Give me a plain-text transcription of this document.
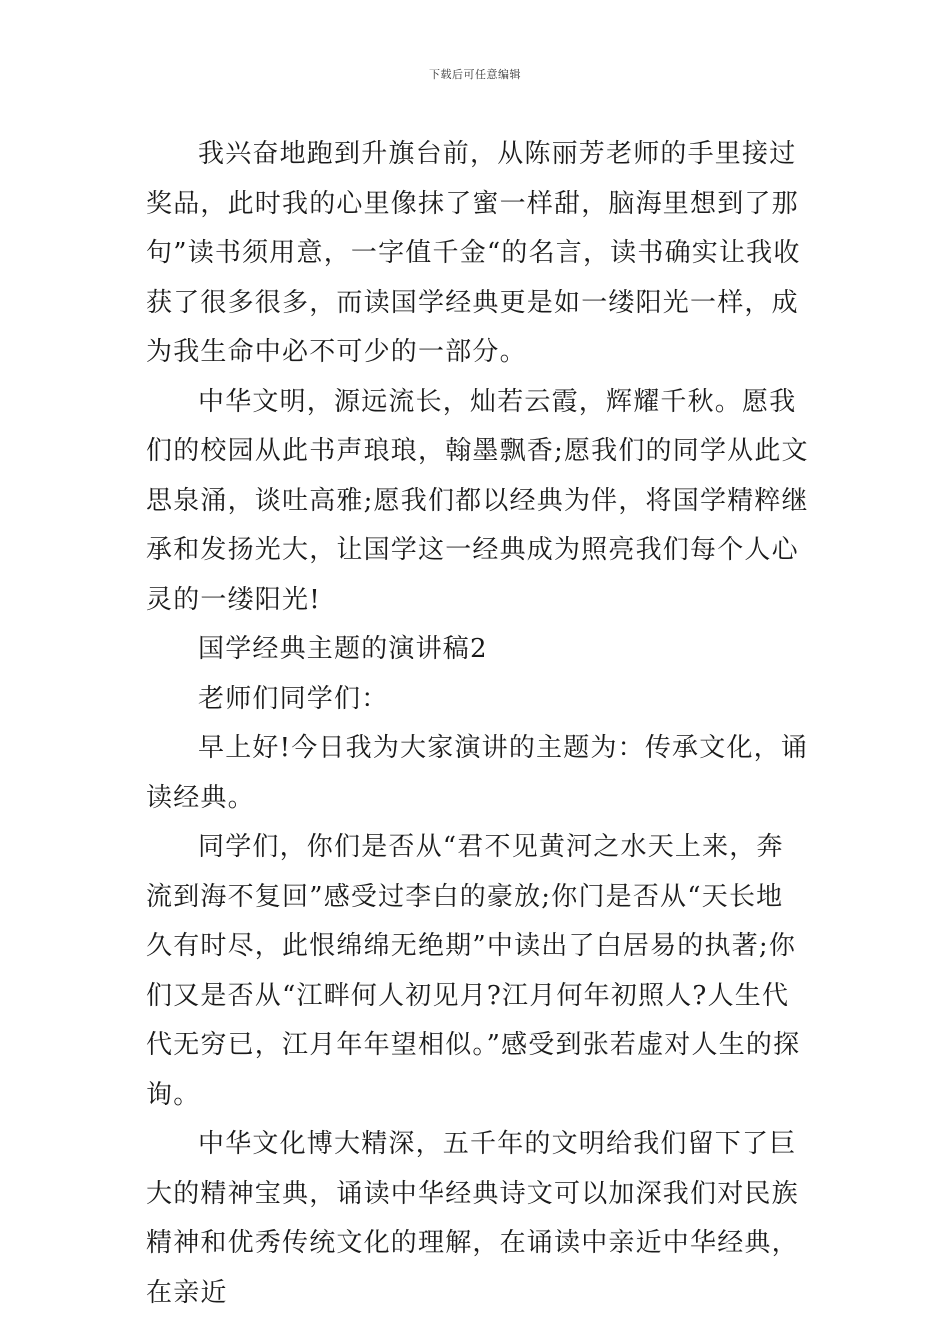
下载后可任意编辑

我兴奋地跑到升旗台前，从陈丽芳老师的手里接过奖品，此时我的心里像抹了蜜一样甜，脑海里想到了那句”读书须用意，一字值千金“的名言，读书确实让我收获了很多很多，而读国学经典更是如一缕阳光一样，成为我生命中必不可少的一部分。

中华文明，源远流长，灿若云霞，辉耀千秋。愿我们的校园从此书声琅琅，翰墨飘香;愿我们的同学从此文思泉涌，谈吐高雅;愿我们都以经典为伴，将国学精粹继承和发扬光大，让国学这一经典成为照亮我们每个人心灵的一缕阳光!

国学经典主题的演讲稿2

老师们同学们：

早上好!今日我为大家演讲的主题为：传承文化，诵读经典。

同学们，你们是否从“君不见黄河之水天上来，奔流到海不复回”感受过李白的豪放;你门是否从“天长地久有时尽，此恨绵绵无绝期”中读出了白居易的执著;你们又是否从“江畔何人初见月?江月何年初照人?人生代代无穷已，江月年年望相似。”感受到张若虚对人生的探询。

中华文化博大精深，五千年的文明给我们留下了巨大的精神宝典，诵读中华经典诗文可以加深我们对民族精神和优秀传统文化的理解，在诵读中亲近中华经典，在亲近
